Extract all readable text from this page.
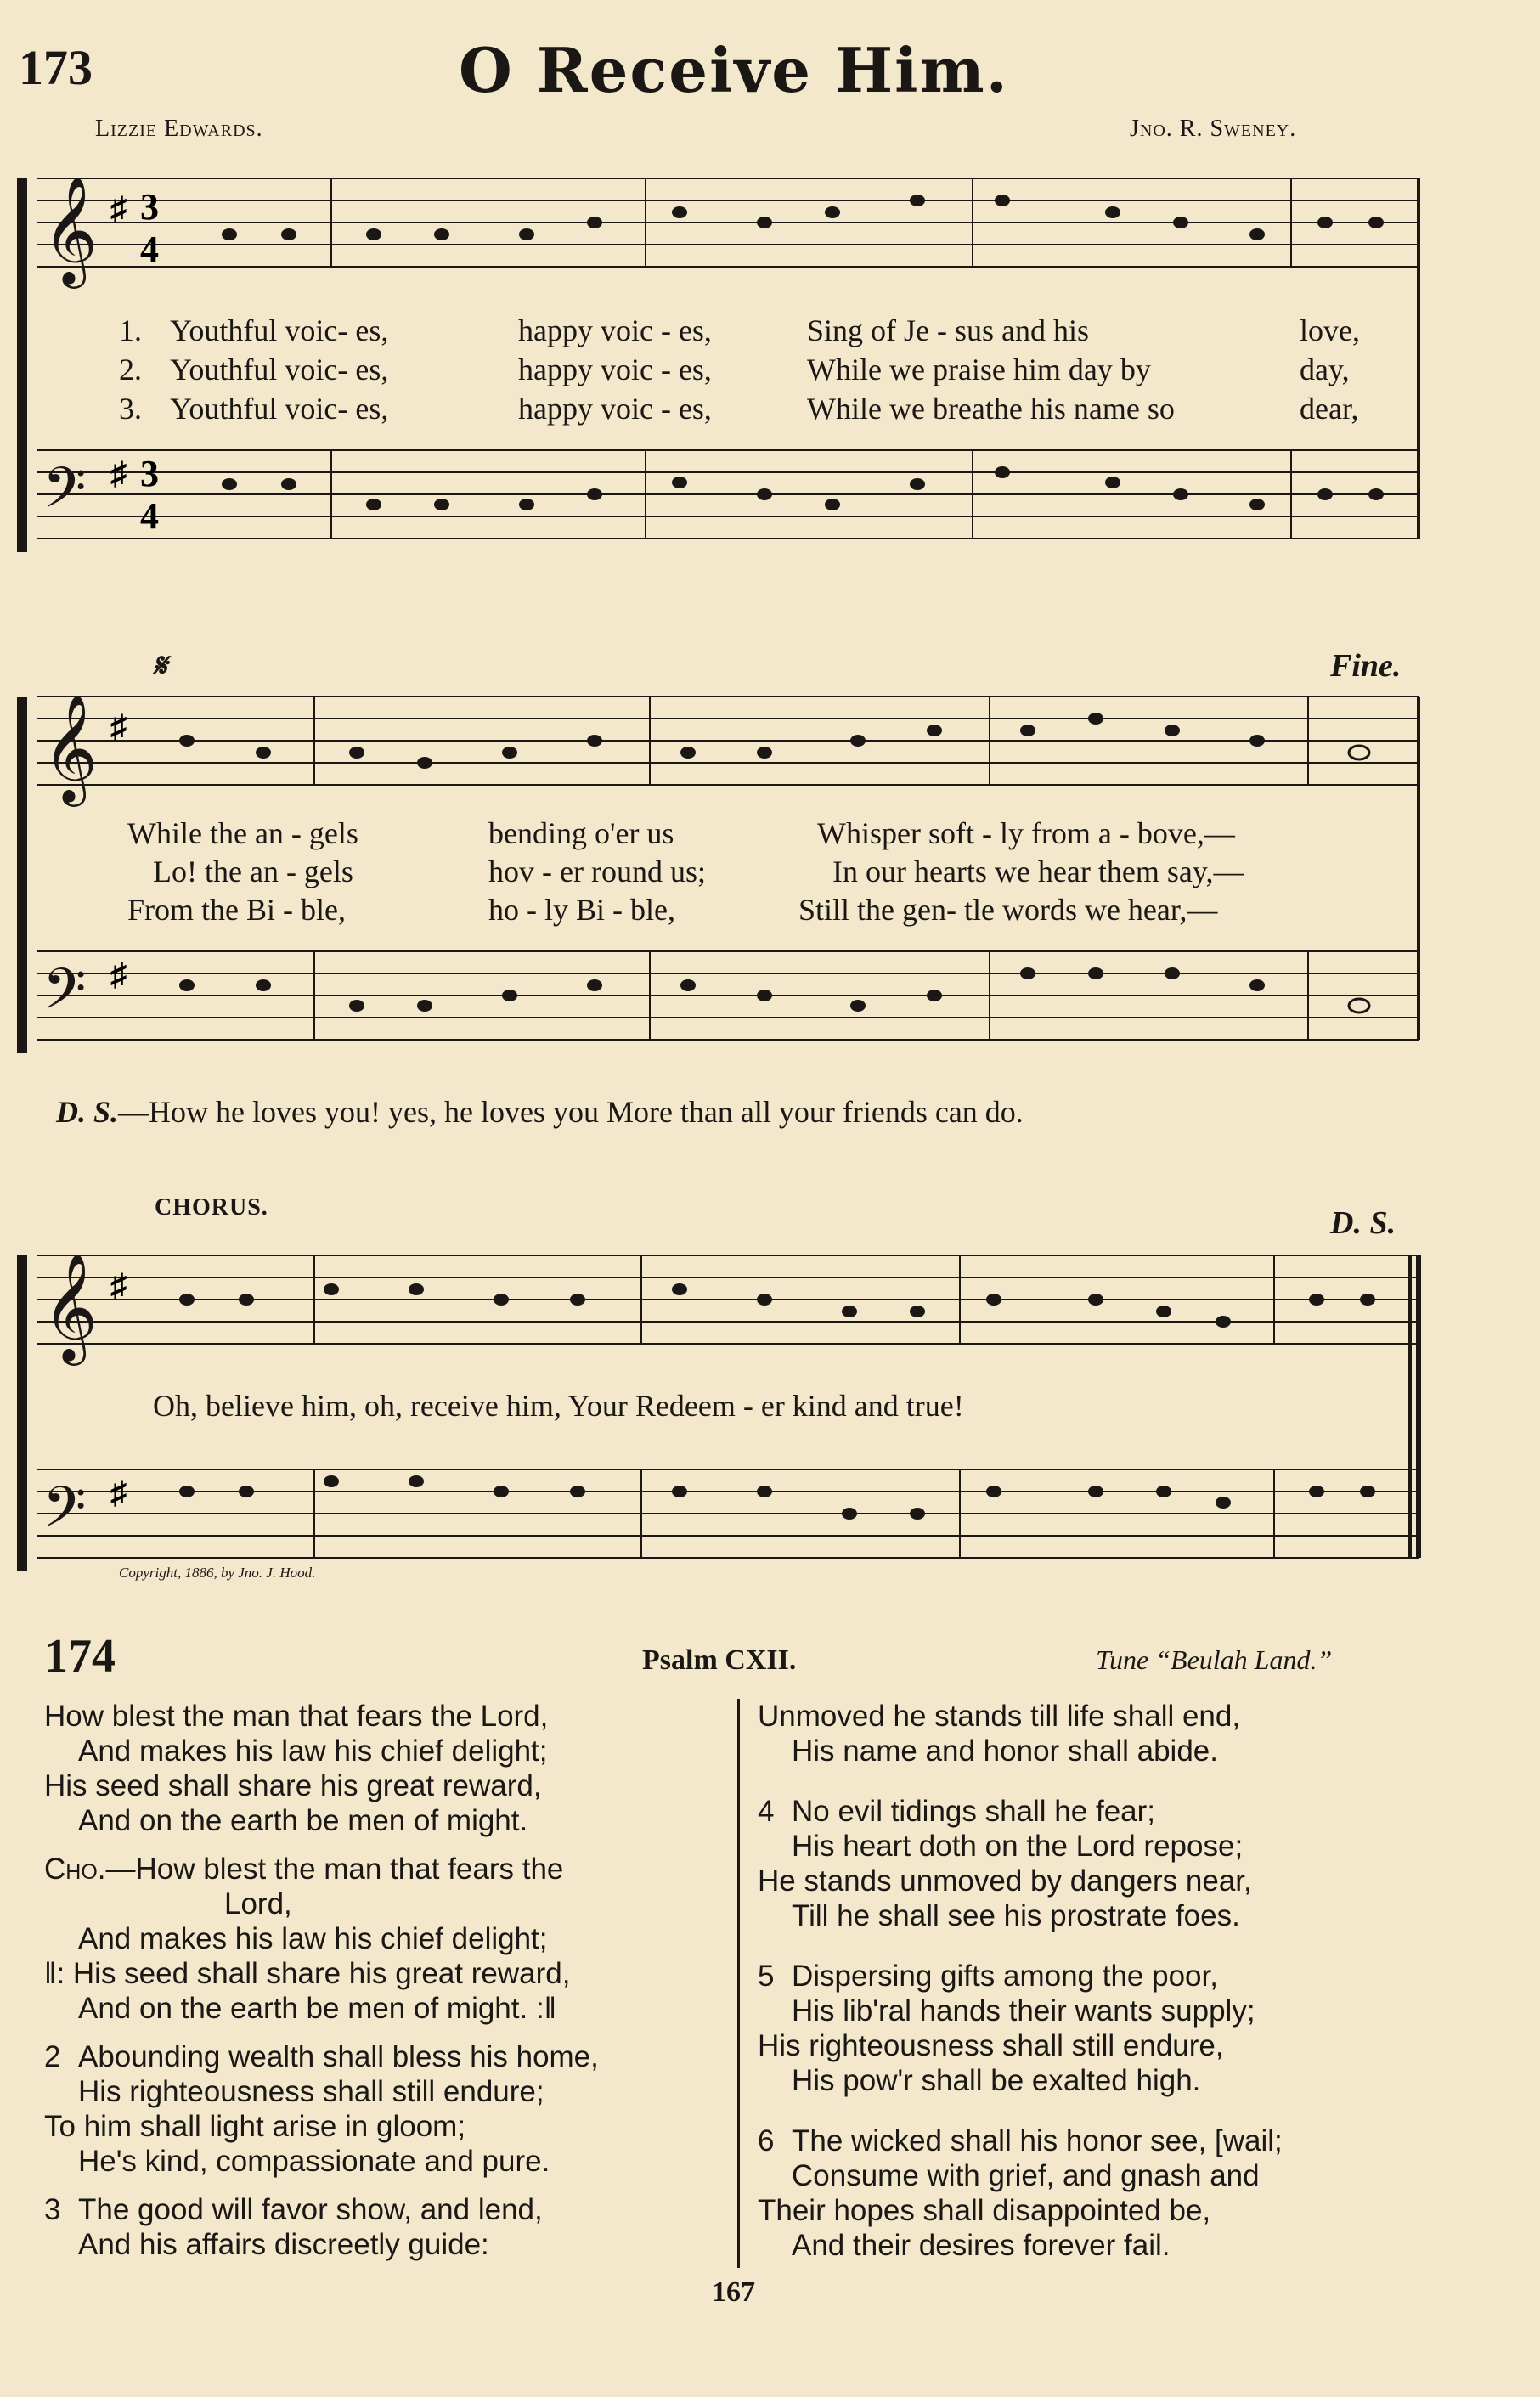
173	O Receive Him.
Lizzie Edwards.	Jno. R. Sweney.
𝄞
𝄢
♯ 3
4
♯ 3
4
1. Youthful voic- es,	happy voic - es,	Sing of Je - sus and his	love,
2. Youthful voic- es,	happy voic - es,	While we praise him day by	day,
3. Youthful voic- es,	happy voic - es,	While we breathe his name so	dear,
𝄋	Fine.
𝄞
𝄢
♯
♯
While the an - gels	bending o'er us	Whisper soft - ly from a - bove,—
Lo! the an - gels	hov - er round us;	In our hearts we hear them say,—
From the Bi - ble,	ho - ly Bi - ble,	Still the gen- tle words we hear,—
D. S.—How he loves you! yes, he loves you More than all your friends can do.
CHORUS.	D. S.
𝄞
𝄢
♯
♯
Oh, believe him, oh, receive him, Your Redeem - er kind and true!
Copyright, 1886, by Jno. J. Hood.
174	Psalm CXII.	Tune “Beulah Land.”
How blest the man that fears the Lord,
And makes his law his chief delight;
His seed shall share his great reward,
And on the earth be men of might.
Cho.—How blest the man that fears the
Lord,
And makes his law his chief delight;
‖: His seed shall share his great reward,
And on the earth be men of might. :‖
2 Abounding wealth shall bless his home,
His righteousness shall still endure;
To him shall light arise in gloom;
He's kind, compassionate and pure.
3 The good will favor show, and lend,
And his affairs discreetly guide:
Unmoved he stands till life shall end,
His name and honor shall abide.
4 No evil tidings shall he fear;
His heart doth on the Lord repose;
He stands unmoved by dangers near,
Till he shall see his prostrate foes.
5 Dispersing gifts among the poor,
His lib'ral hands their wants supply;
His righteousness shall still endure,
His pow'r shall be exalted high.
6 The wicked shall his honor see, [wail;
Consume with grief, and gnash and
Their hopes shall disappointed be,
And their desires forever fail.
167
